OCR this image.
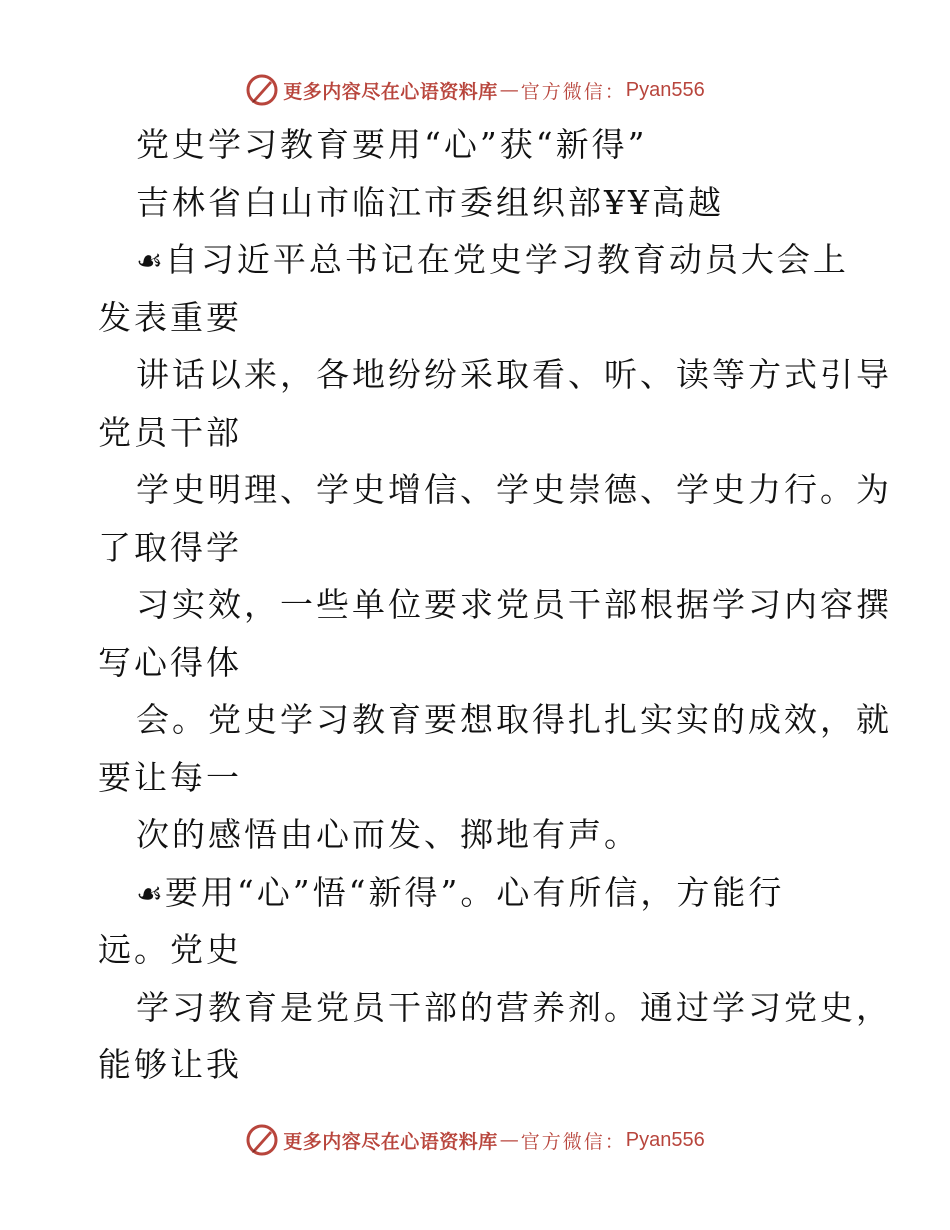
更多内容尽在心语资料库 — 官方微信： Pyan556
党史学习教育要用“心”获“新得”
吉林省白山市临江市委组织部¥¥高越
☙自习近平总书记在党史学习教育动员大会上
发表重要
讲话以来，各地纷纷采取看、听、读等方式引导
党员干部
学史明理、学史增信、学史崇德、学史力行。为
了取得学
习实效，一些单位要求党员干部根据学习内容撰
写心得体
会。党史学习教育要想取得扎扎实实的成效，就
要让每一
次的感悟由心而发、掷地有声。
☙要用“心”悟“新得”。心有所信，方能行
远。党史
学习教育是党员干部的营养剂。通过学习党史，
能够让我
更多内容尽在心语资料库 — 官方微信： Pyan556
